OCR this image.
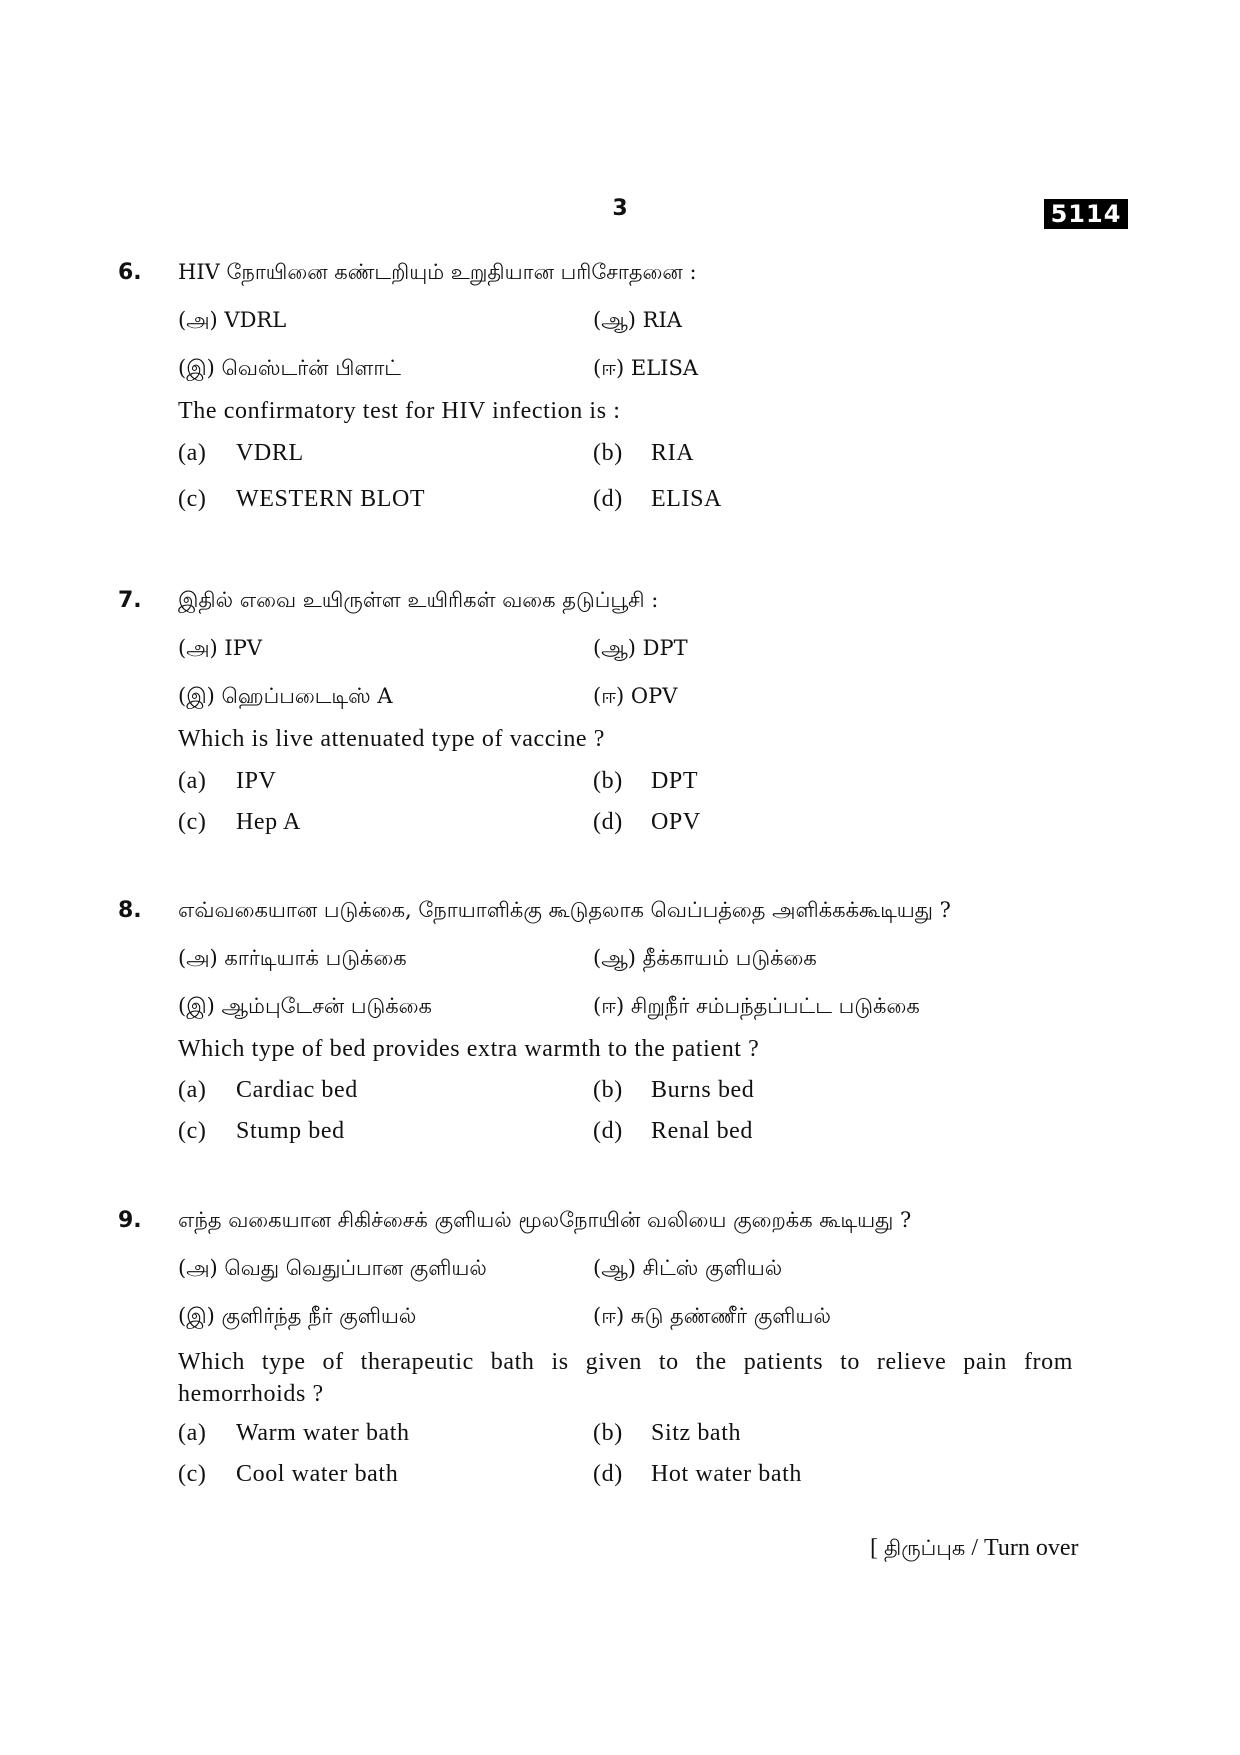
3	5114
6. HIV நோயினை கண்டறியும் உறுதியான பரிசோதனை :
(அ) VDRL	(ஆ) RIA
(இ) வெஸ்டர்ன் பிளாட்	(ஈ) ELISA
The confirmatory test for HIV infection is :
(a) VDRL	(b) RIA
(c) WESTERN BLOT	(d) ELISA
7. இதில் எவை உயிருள்ள உயிரிகள் வகை தடுப்பூசி :
(அ) IPV	(ஆ) DPT
(இ) ஹெப்படைடிஸ் A	(ஈ) OPV
Which is live attenuated type of vaccine ?
(a) IPV	(b) DPT
(c) Hep A	(d) OPV
8. எவ்வகையான படுக்கை, நோயாளிக்கு கூடுதலாக வெப்பத்தை அளிக்கக்கூடியது ?
(அ) கார்டியாக் படுக்கை	(ஆ) தீக்காயம் படுக்கை
(இ) ஆம்புடேசன் படுக்கை	(ஈ) சிறுநீர் சம்பந்தப்பட்ட படுக்கை
Which type of bed provides extra warmth to the patient ?
(a) Cardiac bed	(b) Burns bed
(c) Stump bed	(d) Renal bed
9. எந்த வகையான சிகிச்சைக் குளியல் மூலநோயின் வலியை குறைக்க கூடியது ?
(அ) வெது வெதுப்பான குளியல்	(ஆ) சிட்ஸ் குளியல்
(இ) குளிர்ந்த நீர் குளியல்	(ஈ) சுடு தண்ணீர் குளியல்
Which type of therapeutic bath is given to the patients to relieve pain from hemorrhoids ?
(a) Warm water bath	(b) Sitz bath
(c) Cool water bath	(d) Hot water bath
[ திருப்புக / Turn over
